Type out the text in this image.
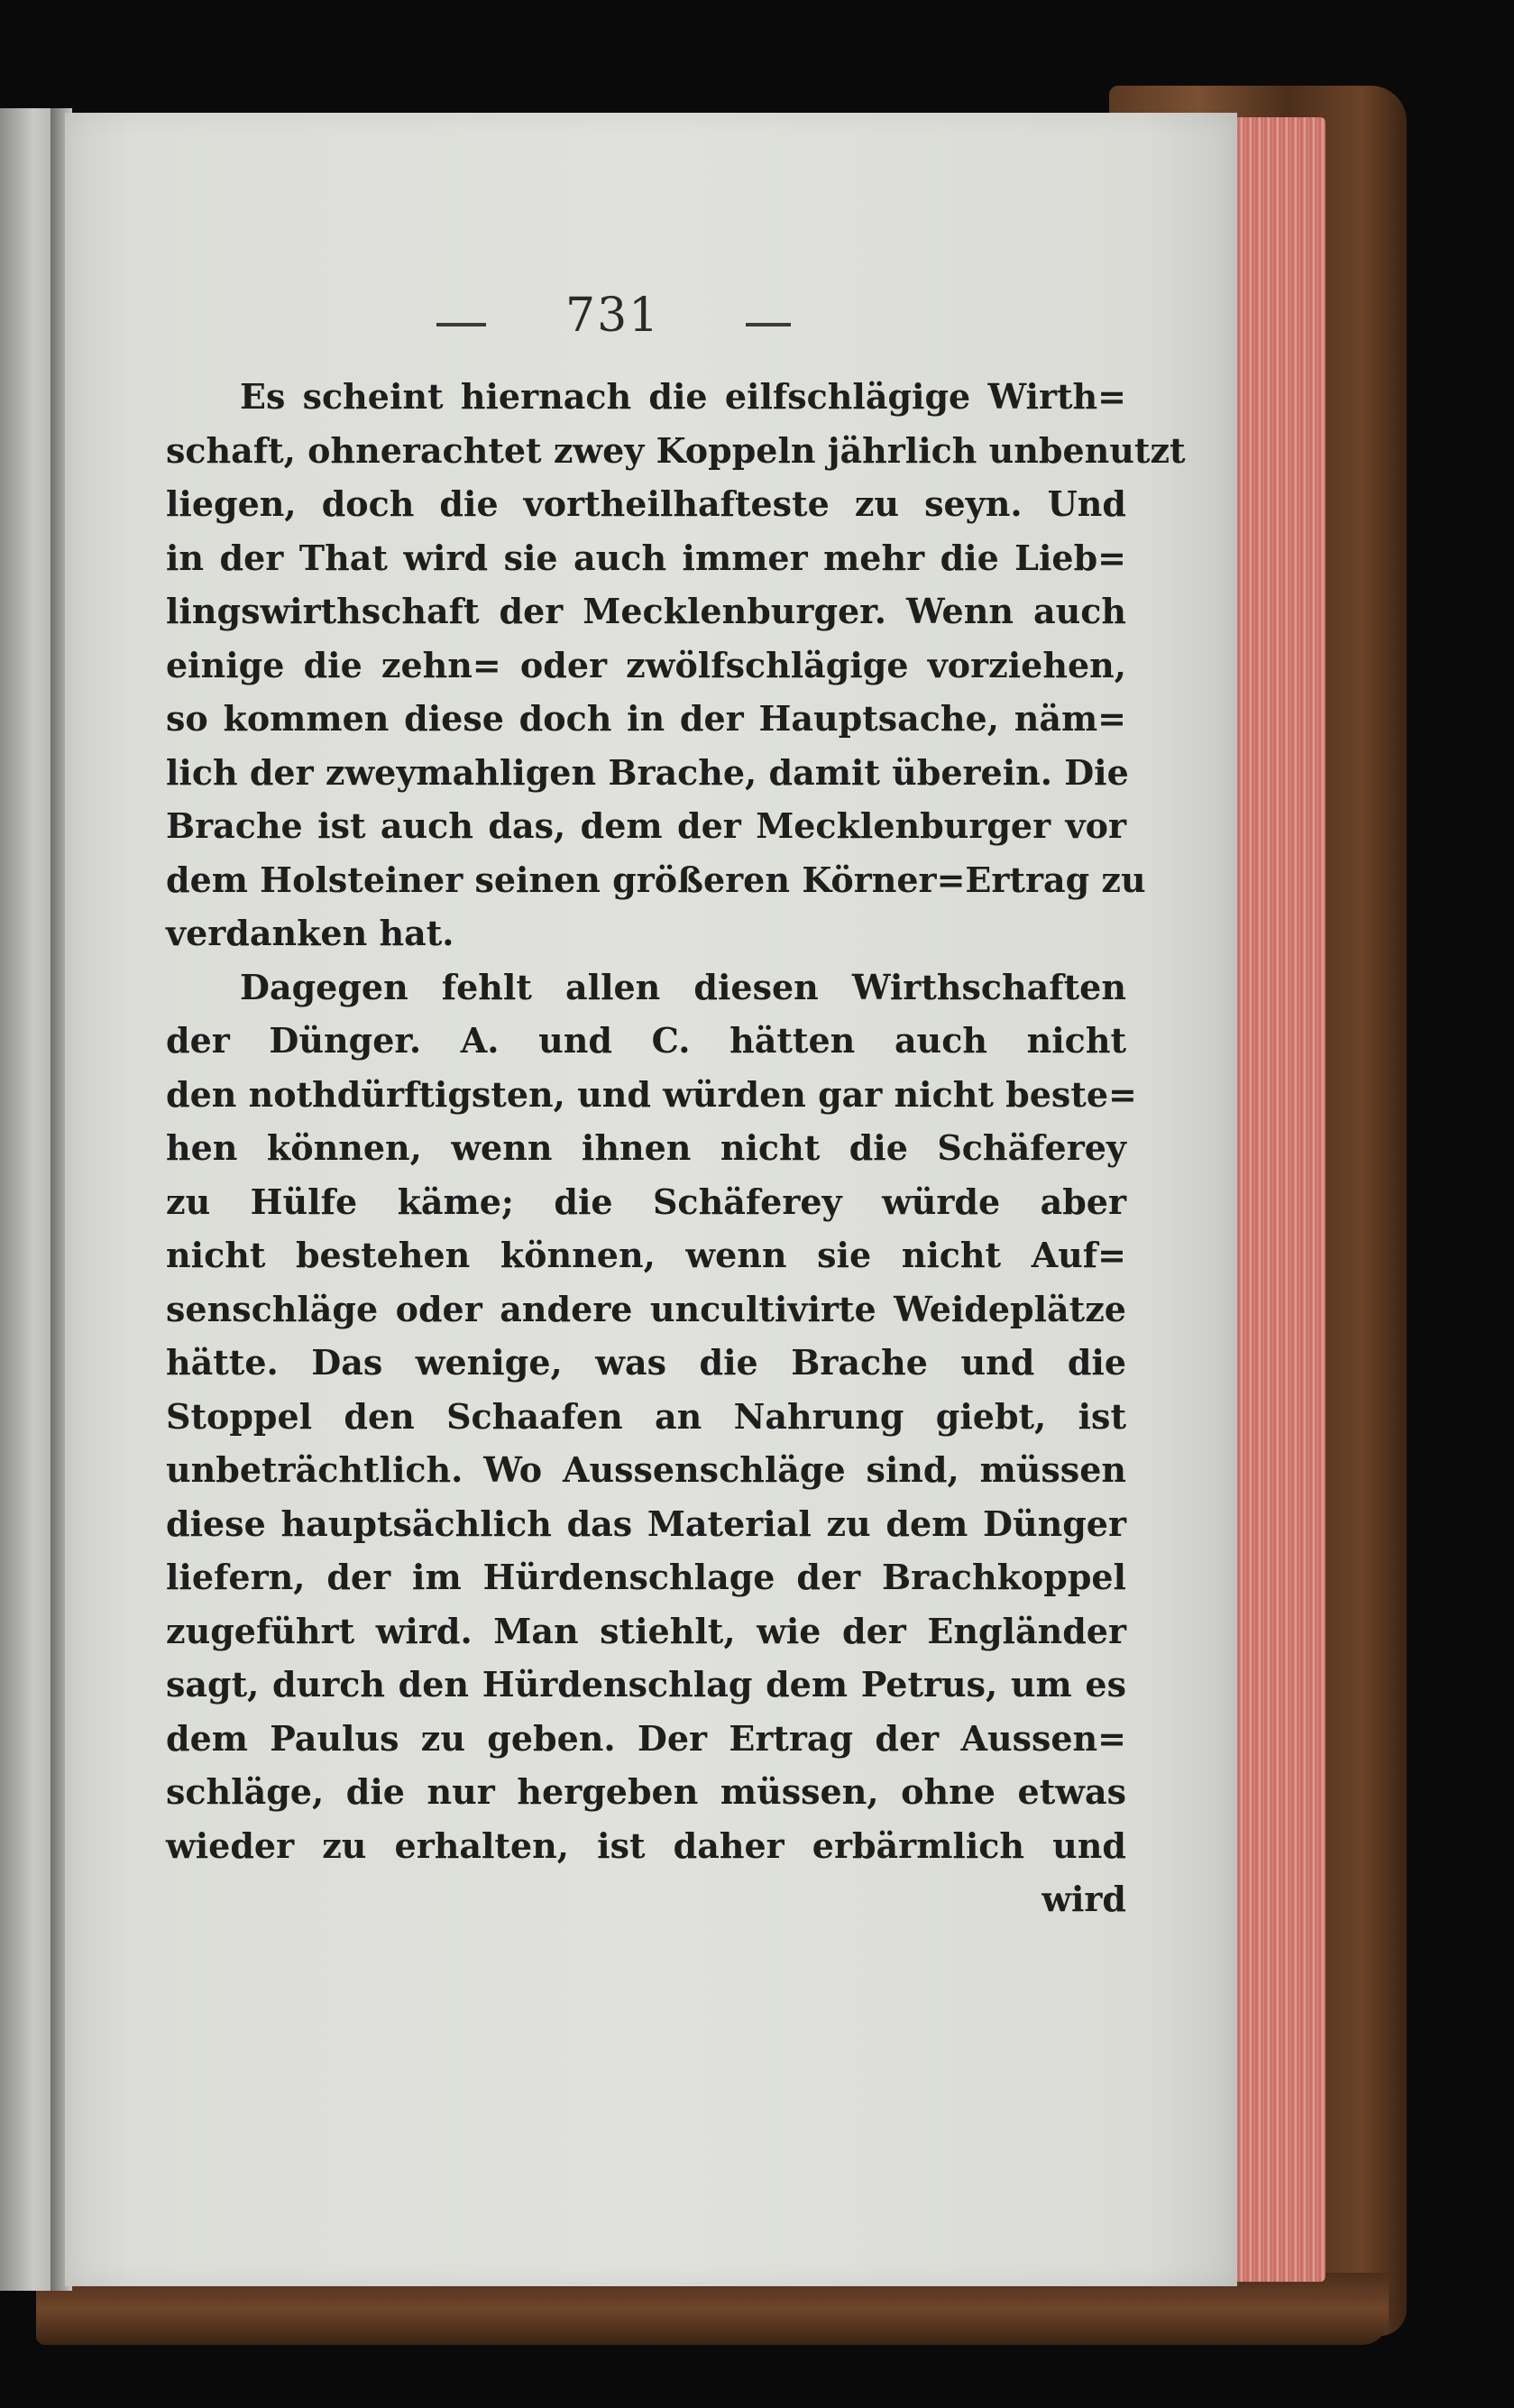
731
Es scheint hiernach die eilfschlägige Wirth=
schaft, ohnerachtet zwey Koppeln jährlich unbenutzt
liegen, doch die vortheilhafteste zu seyn. Und
in der That wird sie auch immer mehr die Lieb=
lingswirthschaft der Mecklenburger. Wenn auch
einige die zehn= oder zwölfschlägige vorziehen,
so kommen diese doch in der Hauptsache, näm=
lich der zweymahligen Brache, damit überein. Die
Brache ist auch das, dem der Mecklenburger vor
dem Holsteiner seinen größeren Körner=Ertrag zu
verdanken hat.
Dagegen fehlt allen diesen Wirthschaften
der Dünger. A. und C. hätten auch nicht
den nothdürftigsten, und würden gar nicht beste=
hen können, wenn ihnen nicht die Schäferey
zu Hülfe käme; die Schäferey würde aber
nicht bestehen können, wenn sie nicht Auf=
senschläge oder andere uncultivirte Weideplätze
hätte. Das wenige, was die Brache und die
Stoppel den Schaafen an Nahrung giebt, ist
unbeträchtlich. Wo Aussenschläge sind, müssen
diese hauptsächlich das Material zu dem Dünger
liefern, der im Hürdenschlage der Brachkoppel
zugeführt wird. Man stiehlt, wie der Engländer
sagt, durch den Hürdenschlag dem Petrus, um es
dem Paulus zu geben. Der Ertrag der Aussen=
schläge, die nur hergeben müssen, ohne etwas
wieder zu erhalten, ist daher erbärmlich und
wird
